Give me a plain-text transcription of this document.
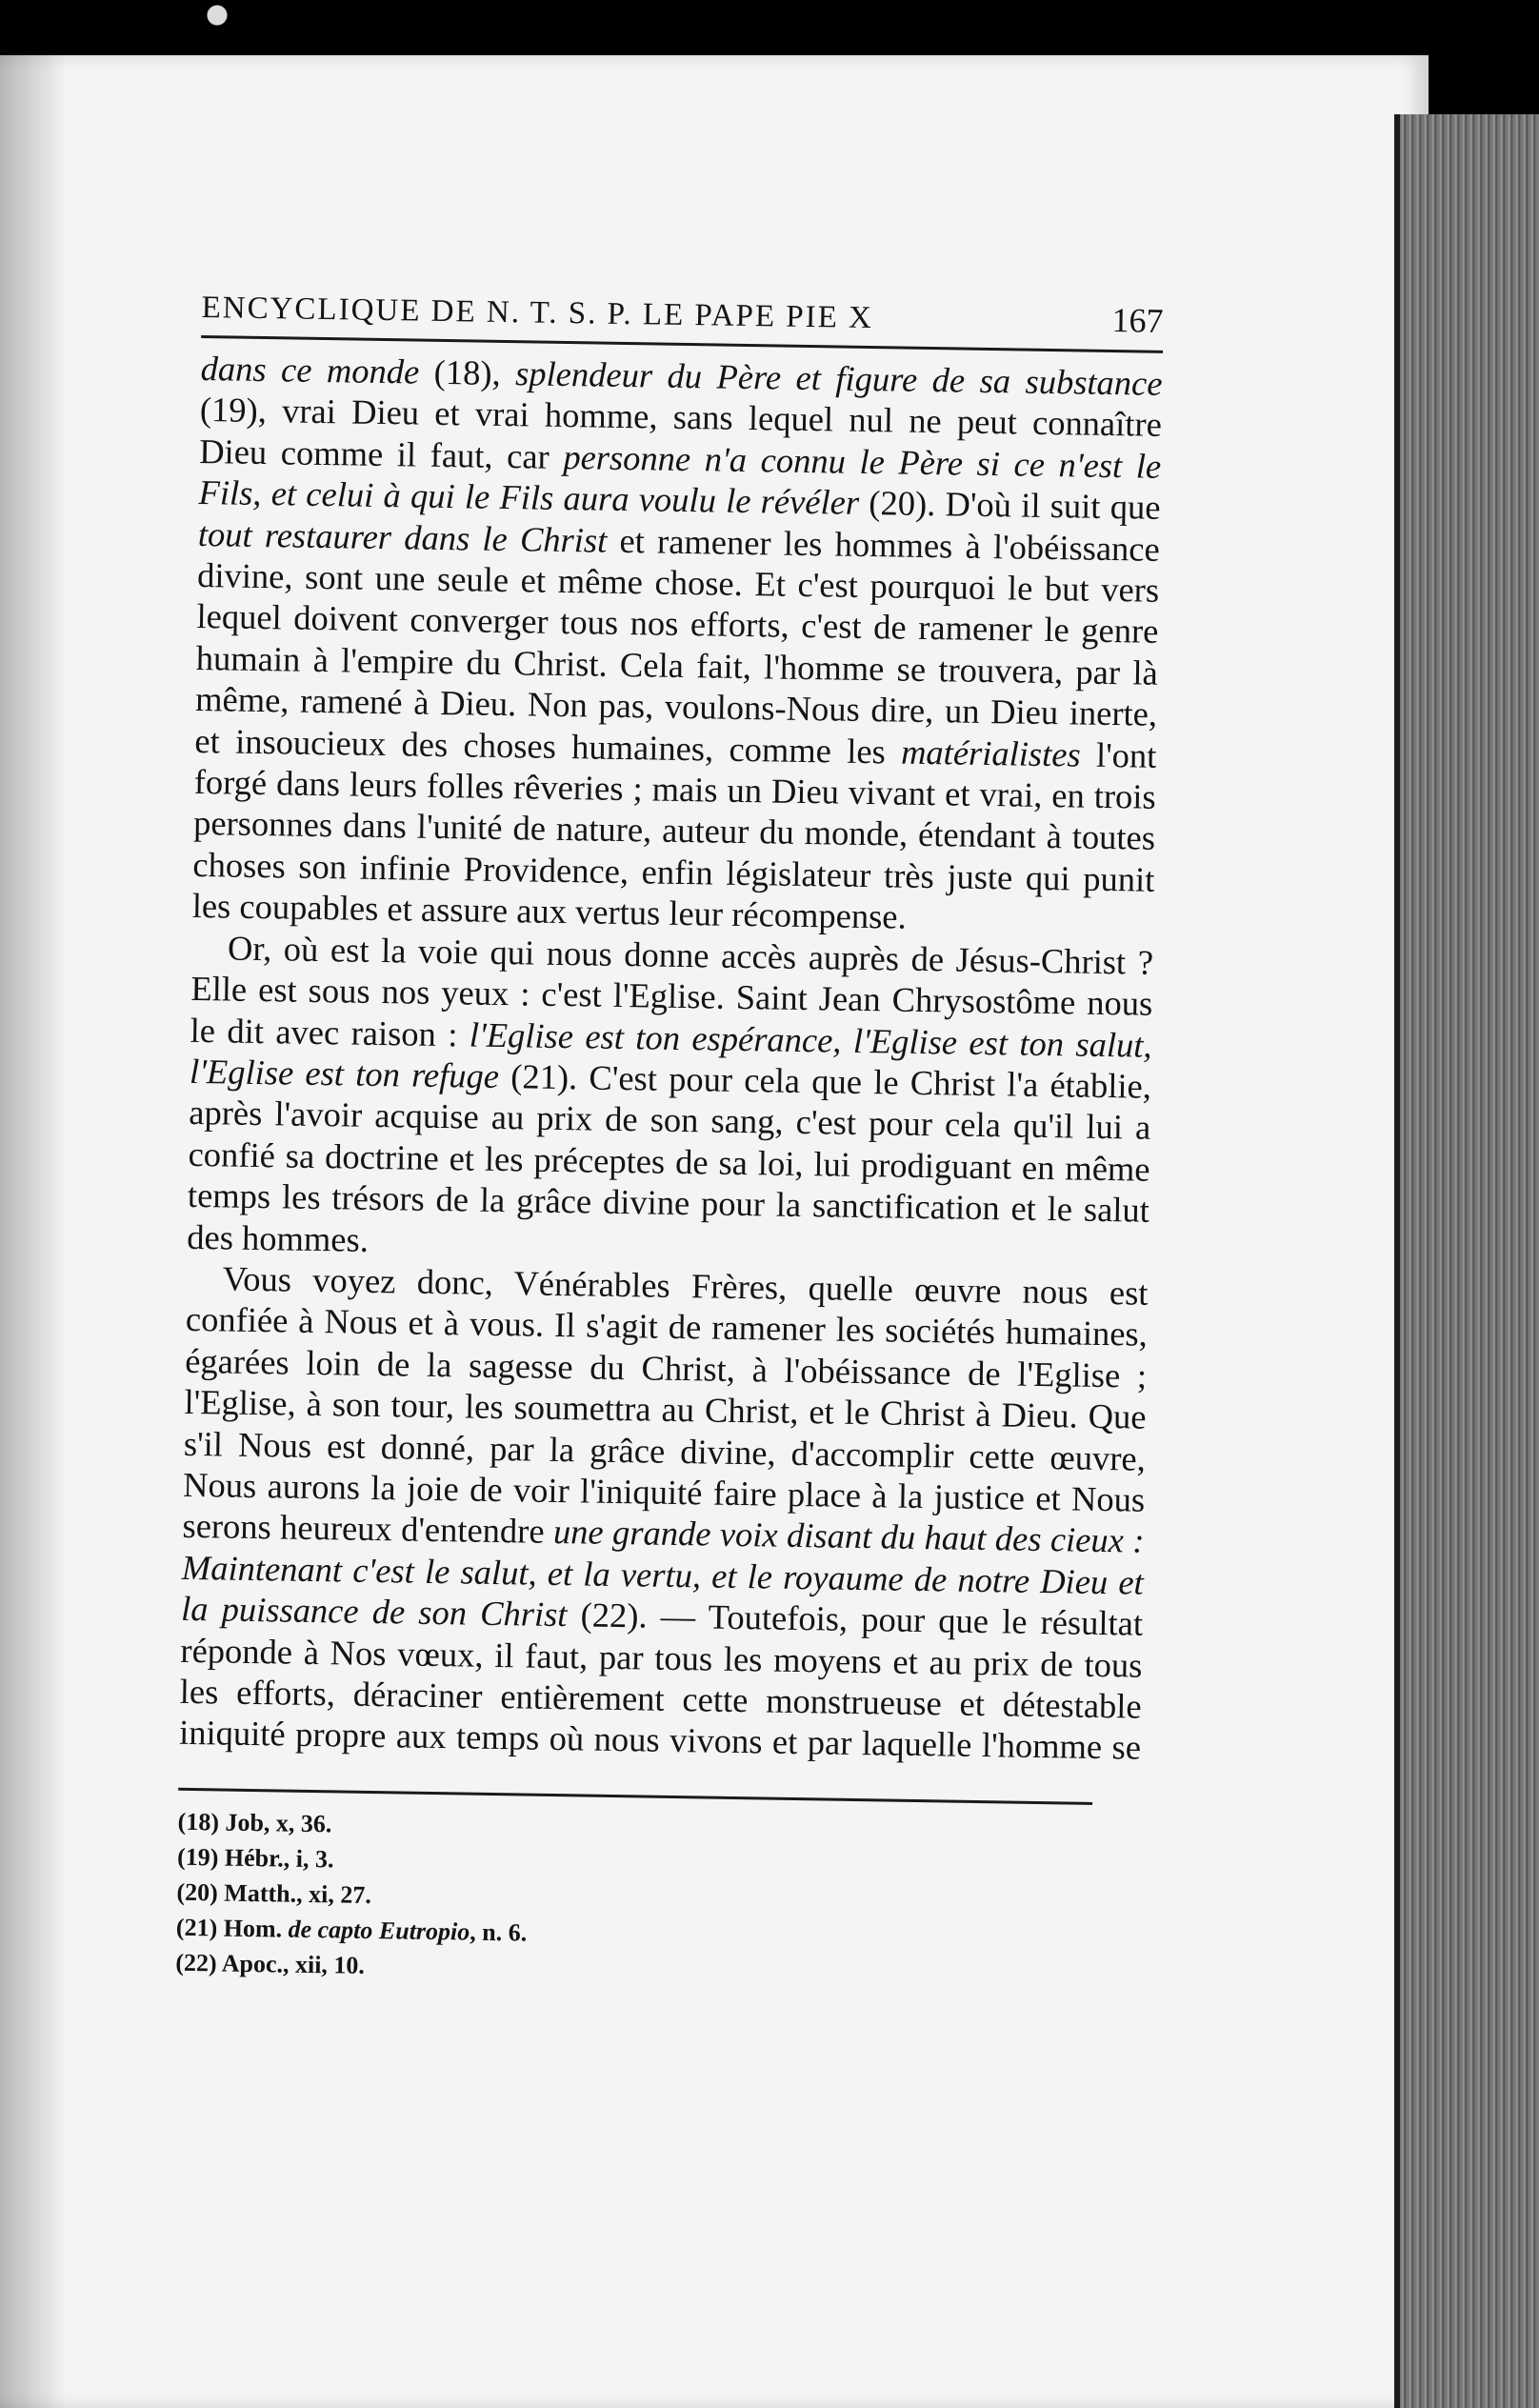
ENCYCLIQUE DE N. T. S. P. LE PAPE PIE X	167

dans ce monde (18), splendeur du Père et figure de sa substance (19), vrai Dieu et vrai homme, sans lequel nul ne peut connaître Dieu comme il faut, car personne n'a connu le Père si ce n'est le Fils, et celui à qui le Fils aura voulu le révéler (20). D'où il suit que tout restaurer dans le Christ et ramener les hommes à l'obéissance divine, sont une seule et même chose. Et c'est pourquoi le but vers lequel doivent converger tous nos efforts, c'est de ramener le genre humain à l'empire du Christ. Cela fait, l'homme se trouvera, par là même, ramené à Dieu. Non pas, voulons-Nous dire, un Dieu inerte, et insoucieux des choses humaines, comme les matérialistes l'ont forgé dans leurs folles rêveries ; mais un Dieu vivant et vrai, en trois personnes dans l'unité de nature, auteur du monde, étendant à toutes choses son infinie Providence, enfin législateur très juste qui punit les coupables et assure aux vertus leur récompense.

Or, où est la voie qui nous donne accès auprès de Jésus-Christ ? Elle est sous nos yeux : c'est l'Eglise. Saint Jean Chrysostôme nous le dit avec raison : l'Eglise est ton espérance, l'Eglise est ton salut, l'Eglise est ton refuge (21). C'est pour cela que le Christ l'a établie, après l'avoir acquise au prix de son sang, c'est pour cela qu'il lui a confié sa doctrine et les préceptes de sa loi, lui prodiguant en même temps les trésors de la grâce divine pour la sanctification et le salut des hommes.

Vous voyez donc, Vénérables Frères, quelle œuvre nous est confiée à Nous et à vous. Il s'agit de ramener les sociétés humaines, égarées loin de la sagesse du Christ, à l'obéissance de l'Eglise ; l'Eglise, à son tour, les soumettra au Christ, et le Christ à Dieu. Que s'il Nous est donné, par la grâce divine, d'accomplir cette œuvre, Nous aurons la joie de voir l'iniquité faire place à la justice et Nous serons heureux d'entendre une grande voix disant du haut des cieux : Maintenant c'est le salut, et la vertu, et le royaume de notre Dieu et la puissance de son Christ (22). — Toutefois, pour que le résultat réponde à Nos vœux, il faut, par tous les moyens et au prix de tous les efforts, déraciner entièrement cette monstrueuse et détestable iniquité propre aux temps où nous vivons et par laquelle l'homme se

(18) Job, x, 36.
(19) Hébr., i, 3.
(20) Matth., xi, 27.
(21) Hom. de capto Eutropio, n. 6.
(22) Apoc., xii, 10.
